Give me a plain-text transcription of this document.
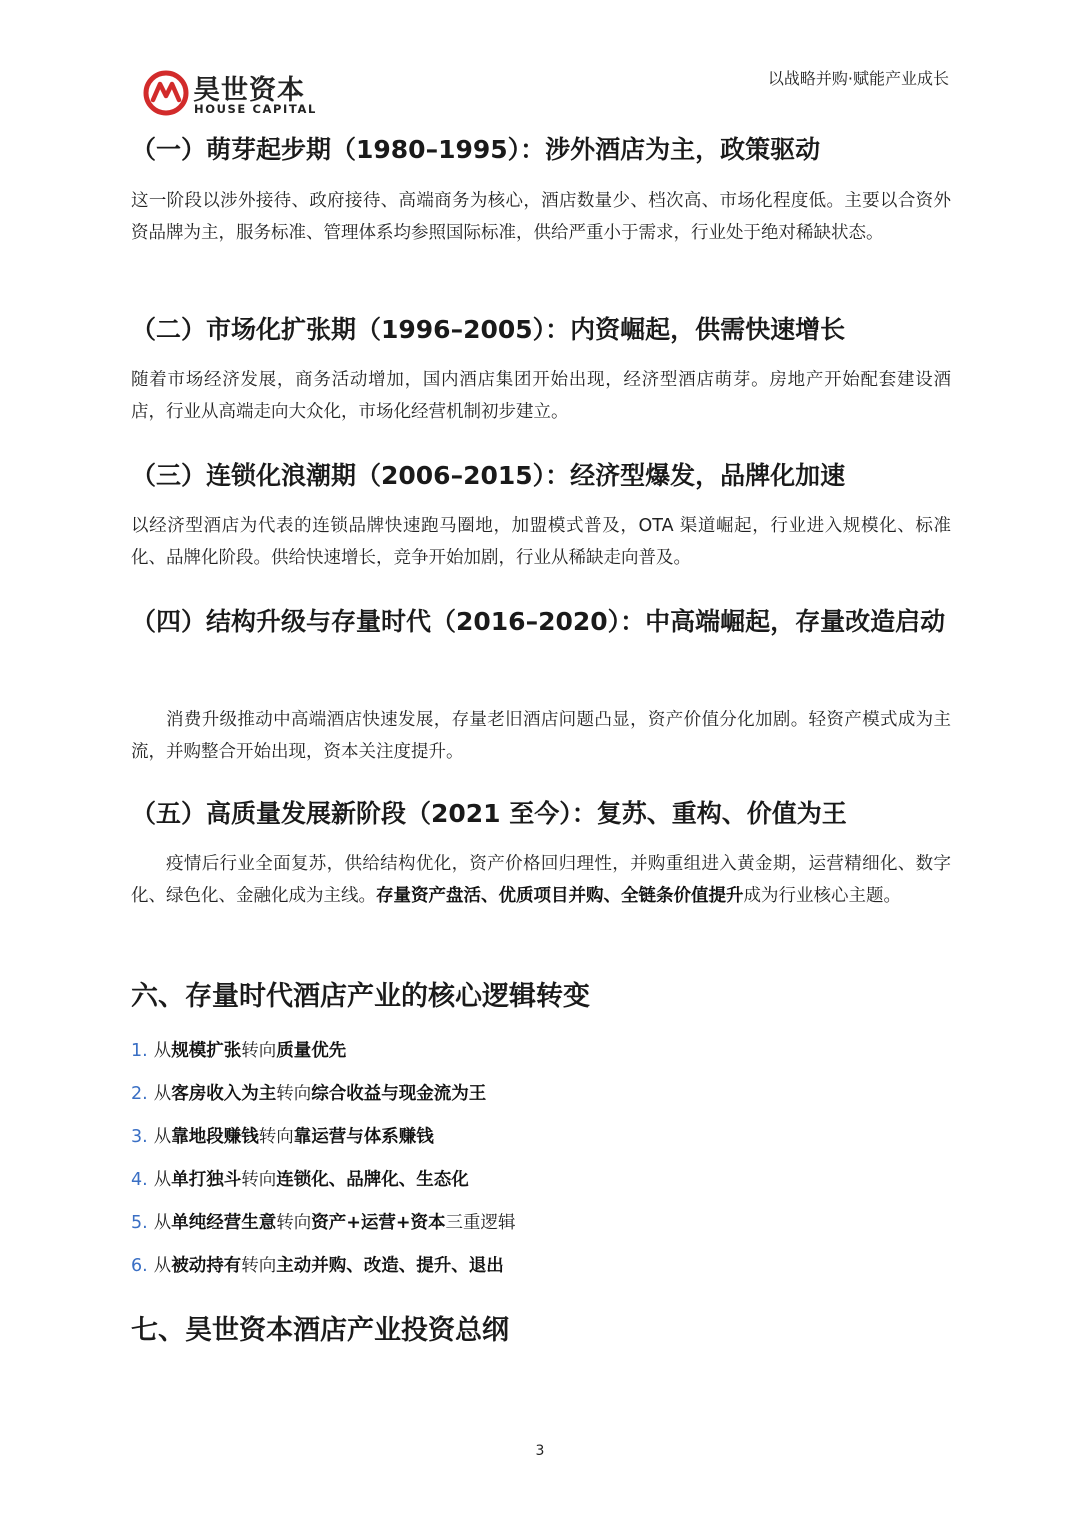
昊世资本
HOUSE CAPITAL
以战略并购·赋能产业成长
（一）萌芽起步期（1980–1995）：涉外酒店为主，政策驱动

这一阶段以涉外接待、政府接待、高端商务为核心，酒店数量少、档次高、市场化程度低。主要以合资外资品牌为主，服务标准、管理体系均参照国际标准，供给严重小于需求，行业处于绝对稀缺状态。

（二）市场化扩张期（1996–2005）：内资崛起，供需快速增长

随着市场经济发展，商务活动增加，国内酒店集团开始出现，经济型酒店萌芽。房地产开始配套建设酒店，行业从高端走向大众化，市场化经营机制初步建立。

（三）连锁化浪潮期（2006–2015）：经济型爆发，品牌化加速

以经济型酒店为代表的连锁品牌快速跑马圈地，加盟模式普及，OTA 渠道崛起，行业进入规模化、标准化、品牌化阶段。供给快速增长，竞争开始加剧，行业从稀缺走向普及。

（四）结构升级与存量时代（2016–2020）：中高端崛起，存量改造启动

消费升级推动中高端酒店快速发展，存量老旧酒店问题凸显，资产价值分化加剧。轻资产模式成为主流，并购整合开始出现，资本关注度提升。

（五）高质量发展新阶段（2021 至今）：复苏、重构、价值为王

疫情后行业全面复苏，供给结构优化，资产价格回归理性，并购重组进入黄金期，运营精细化、数字化、绿色化、金融化成为主线。存量资产盘活、优质项目并购、全链条价值提升成为行业核心主题。

六、存量时代酒店产业的核心逻辑转变
1. 从规模扩张转向质量优先
2. 从客房收入为主转向综合收益与现金流为王
3. 从靠地段赚钱转向靠运营与体系赚钱
4. 从单打独斗转向连锁化、品牌化、生态化
5. 从单纯经营生意转向资产+运营+资本三重逻辑
6. 从被动持有转向主动并购、改造、提升、退出
七、昊世资本酒店产业投资总纲
3
